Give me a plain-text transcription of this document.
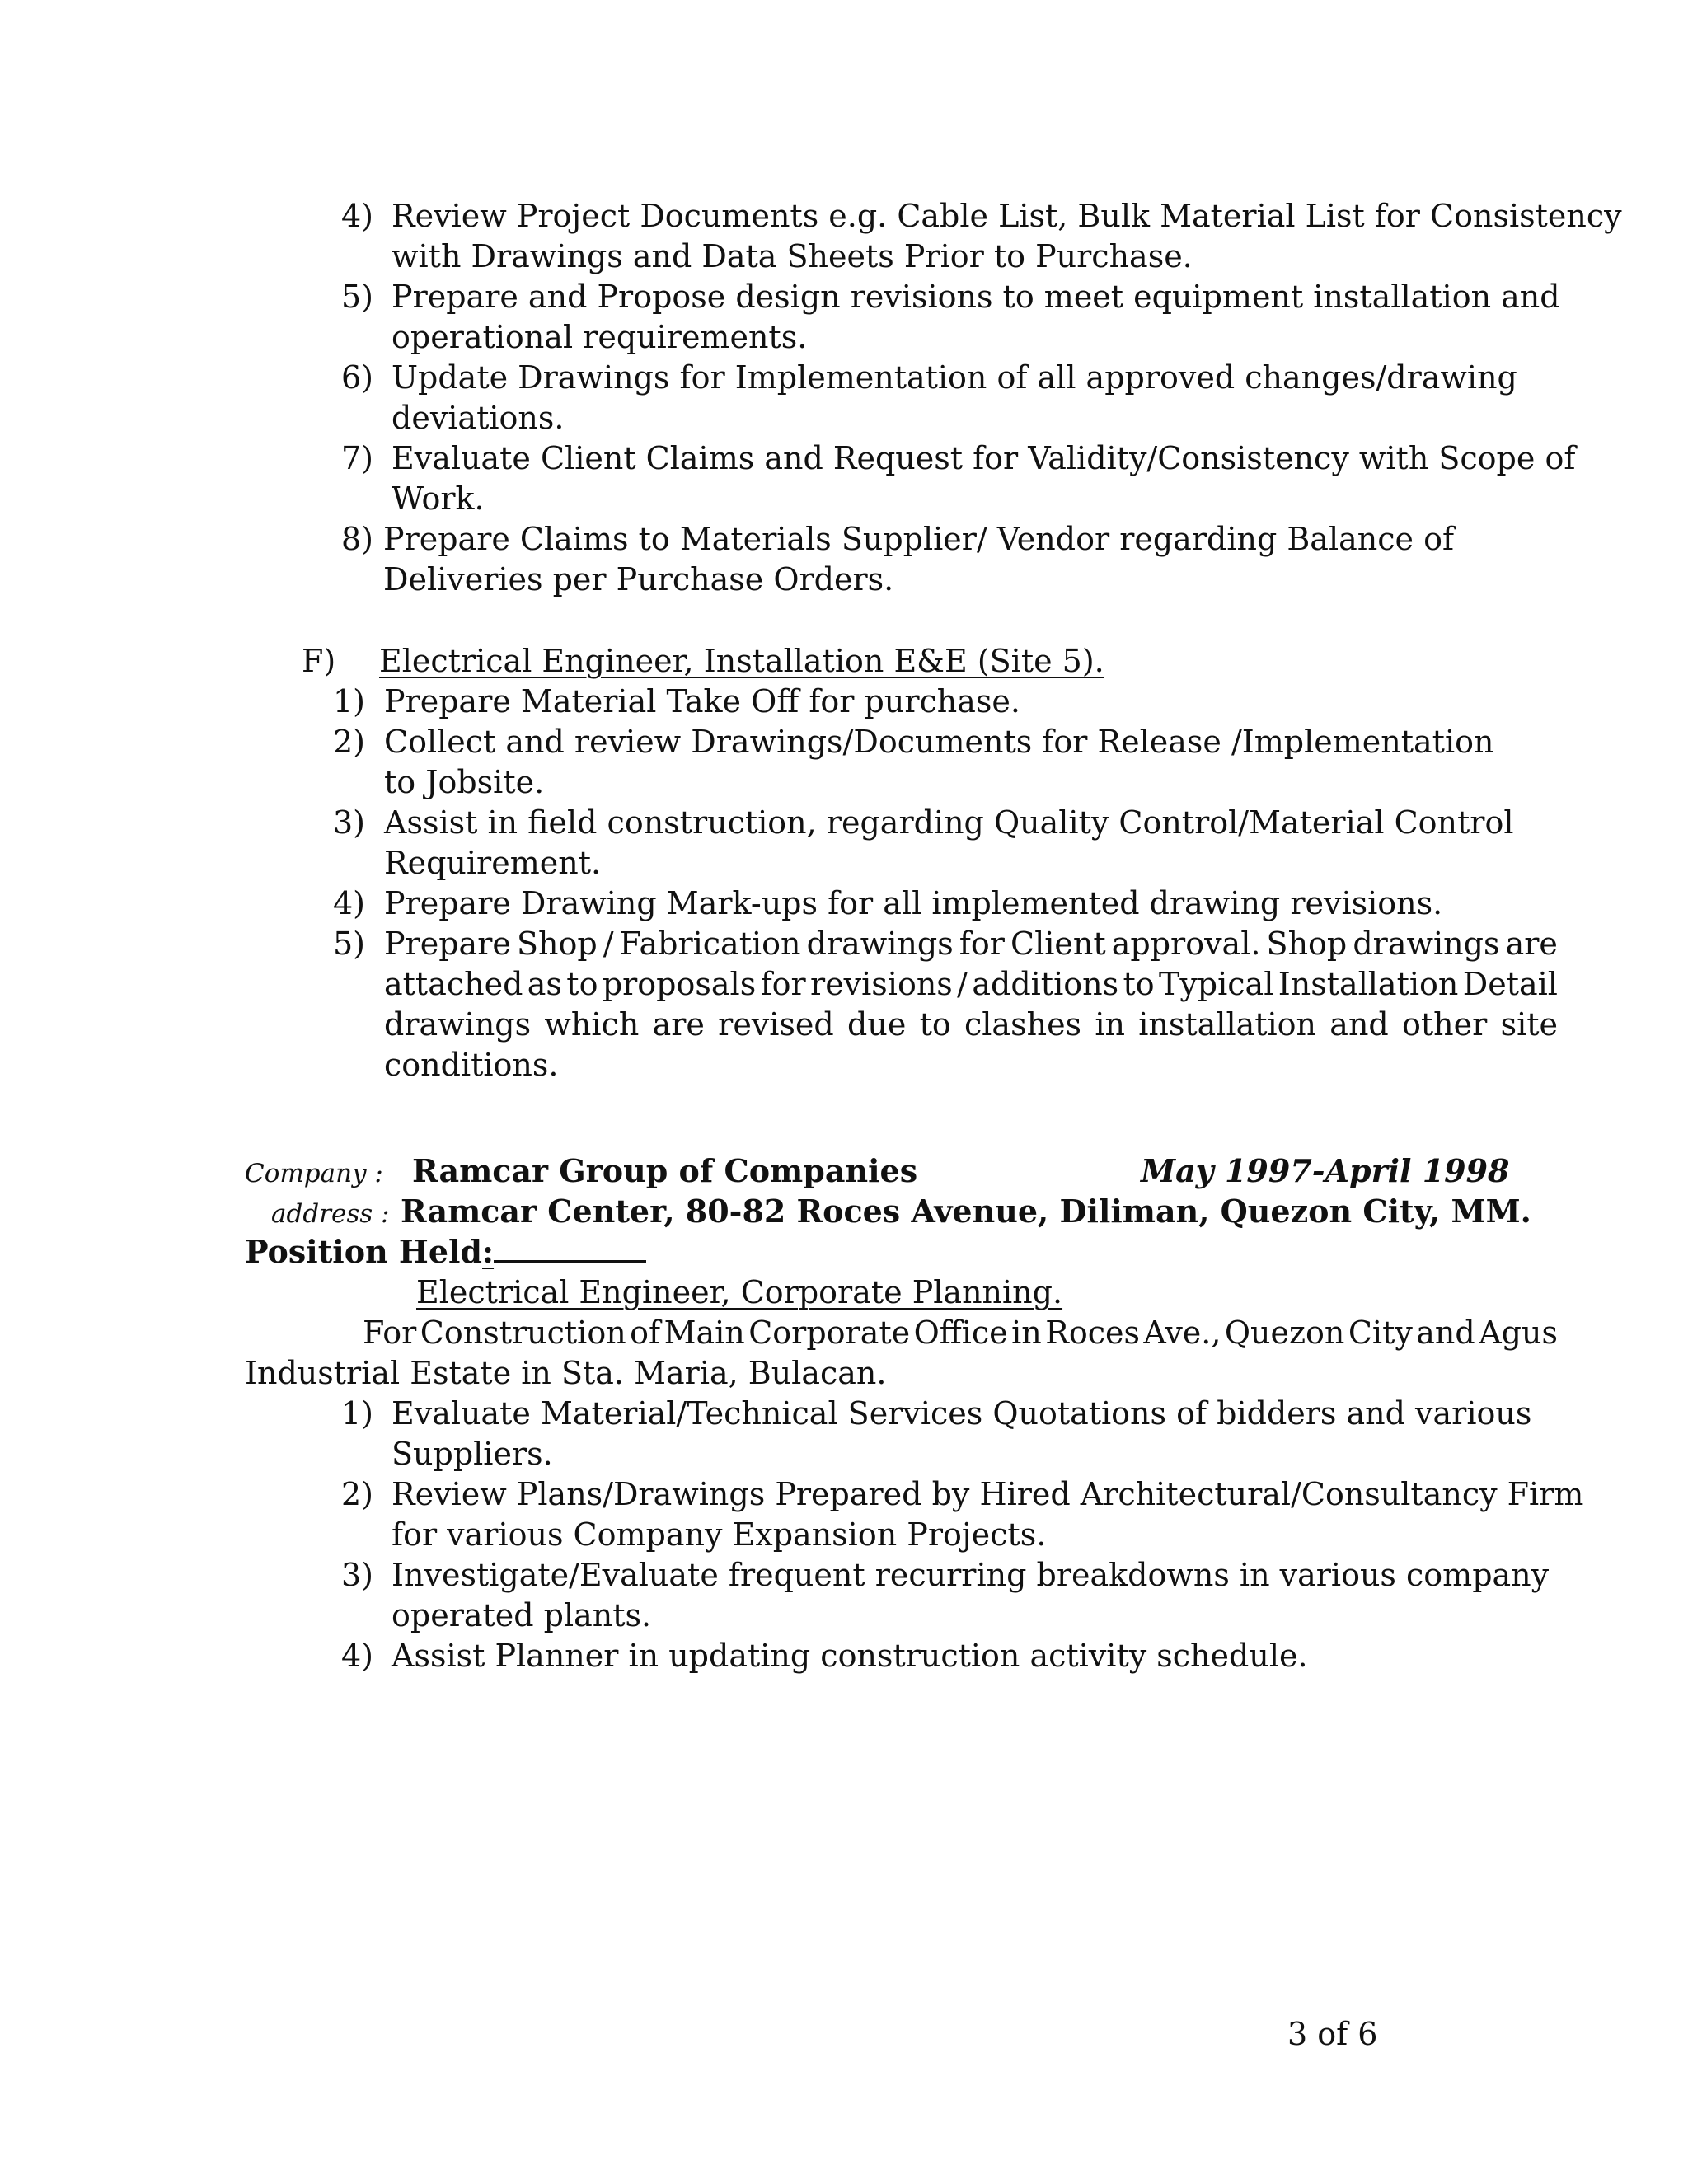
4) Review Project Documents e.g. Cable List, Bulk Material List for Consistency
with Drawings and Data Sheets Prior to Purchase.
5) Prepare and Propose design revisions to meet equipment installation and
operational requirements.
6) Update Drawings for Implementation of all approved changes/drawing
deviations.
7) Evaluate Client Claims and Request for Validity/Consistency with Scope of
Work.
8) Prepare Claims to Materials Supplier/ Vendor regarding Balance of
Deliveries per Purchase Orders.
F) Electrical Engineer, Installation E&E (Site 5).
1) Prepare Material Take Off for purchase.
2) Collect and review Drawings/Documents for Release /Implementation
to Jobsite.
3) Assist in field construction, regarding Quality Control/Material Control
Requirement.
4) Prepare Drawing Mark-ups for all implemented drawing revisions.
5) Prepare Shop / Fabrication drawings for Client approval. Shop drawings are
attached as to proposals for revisions / additions to Typical Installation Detail
drawings which are revised due to clashes in installation and other site
conditions.
Company : Ramcar Group of Companies	May 1997-April 1998
address : Ramcar Center, 80-82 Roces Avenue, Diliman, Quezon City, MM.
Position Held:
Electrical Engineer, Corporate Planning.
For Construction of Main Corporate Office in Roces Ave., Quezon City and Agus
Industrial Estate in Sta. Maria, Bulacan.
1) Evaluate Material/Technical Services Quotations of bidders and various
Suppliers.
2) Review Plans/Drawings Prepared by Hired Architectural/Consultancy Firm
for various Company Expansion Projects.
3) Investigate/Evaluate frequent recurring breakdowns in various company
operated plants.
4) Assist Planner in updating construction activity schedule.
3 of 6
